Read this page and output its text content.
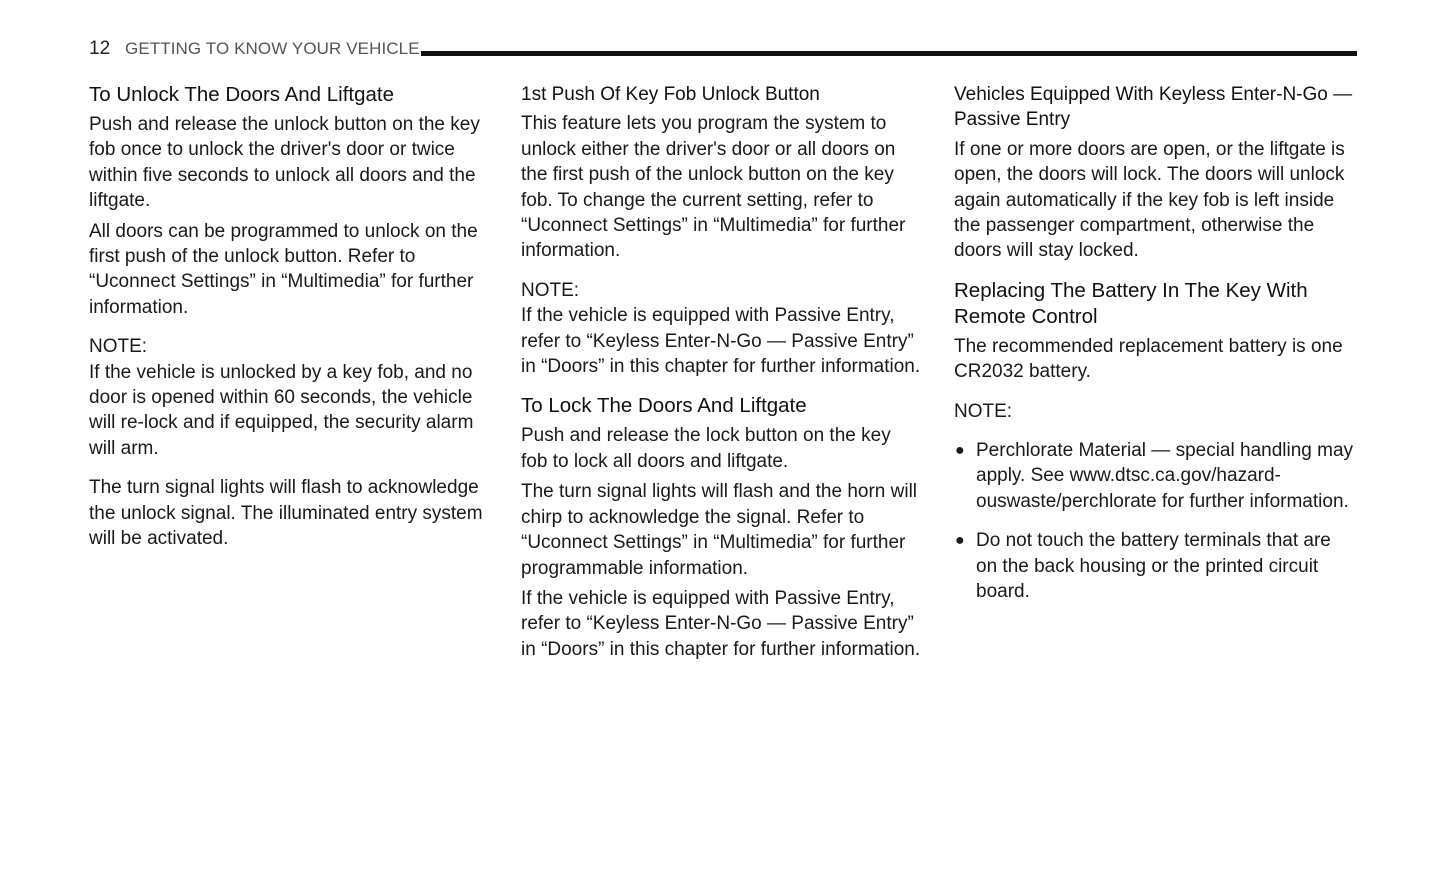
12 GETTING TO KNOW YOUR VEHICLE
To Unlock The Doors And Liftgate

Push and release the unlock button on the key fob once to unlock the driver's door or twice within five seconds to unlock all doors and the liftgate.

All doors can be programmed to unlock on the first push of the unlock button. Refer to “Uconnect Settings” in “Multimedia” for further information.

NOTE:

If the vehicle is unlocked by a key fob, and no door is opened within 60 seconds, the vehicle will re-lock and if equipped, the security alarm will arm.

The turn signal lights will flash to acknowledge the unlock signal. The illuminated entry system will be activated.

1st Push Of Key Fob Unlock Button

This feature lets you program the system to unlock either the driver's door or all doors on the first push of the unlock button on the key fob. To change the current setting, refer to “Uconnect Settings” in “Multimedia” for further information.

NOTE:

If the vehicle is equipped with Passive Entry, refer to “Keyless Enter-N-Go — Passive Entry” in “Doors” in this chapter for further information.

To Lock The Doors And Liftgate

Push and release the lock button on the key fob to lock all doors and liftgate.

The turn signal lights will flash and the horn will chirp to acknowledge the signal. Refer to “Uconnect Settings” in “Multimedia” for further programmable information.

If the vehicle is equipped with Passive Entry, refer to “Keyless Enter-N-Go — Passive Entry” in “Doors” in this chapter for further information.

Vehicles Equipped With Keyless Enter-N-Go — Passive Entry

If one or more doors are open, or the liftgate is open, the doors will lock. The doors will unlock again automatically if the key fob is left inside the passenger compartment, otherwise the doors will stay locked.

Replacing The Battery In The Key With Remote Control

The recommended replacement battery is one CR2032 battery.

NOTE:

● Perchlorate Material — special handling may apply. See www.dtsc.ca.gov/hazardouswaste/perchlorate for further information.
● Do not touch the battery terminals that are on the back housing or the printed circuit board.
